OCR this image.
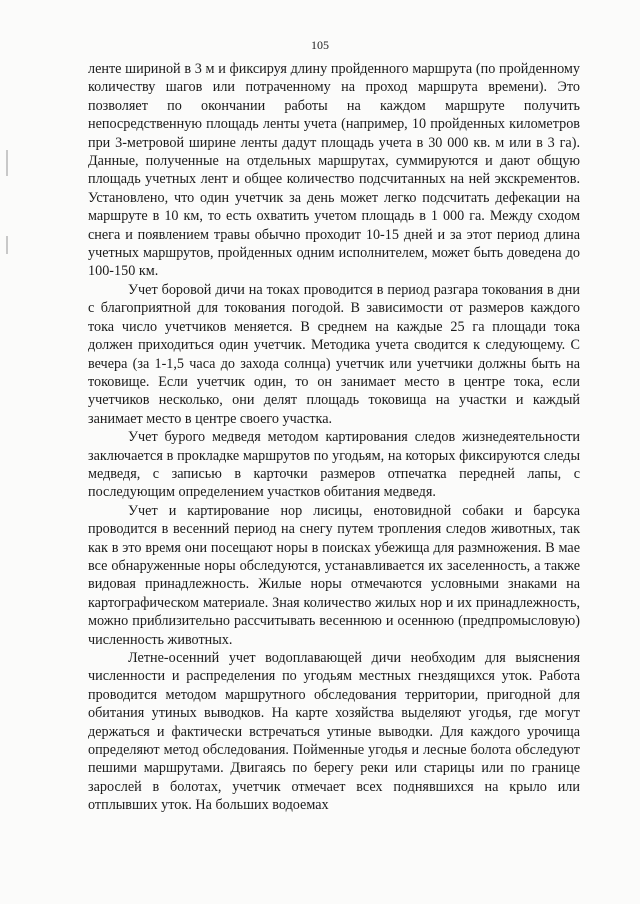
105

ленте шириной в 3 м и фиксируя длину пройденного маршрута (по пройденному количеству шагов или потраченному на проход маршрута времени). Это позволяет по окончании работы на каждом маршруте получить непосредственную площадь ленты учета (например, 10 пройденных километров при 3-метровой ширине ленты дадут площадь учета в 30 000 кв. м или в 3 га). Данные, полученные на отдельных маршрутах, суммируются и дают общую площадь учетных лент и общее количество подсчитанных на ней экскрементов. Установлено, что один учетчик за день может легко подсчитать дефекации на маршруте в 10 км, то есть охватить учетом площадь в 1 000 га. Между сходом снега и появлением травы обычно проходит 10-15 дней и за этот период длина учетных маршрутов, пройденных одним исполнителем, может быть доведена до 100-150 км.

Учет боровой дичи на токах проводится в период разгара токования в дни с благоприятной для токования погодой. В зависимости от размеров каждого тока число учетчиков меняется. В среднем на каждые 25 га площади тока должен приходиться один учетчик. Методика учета сводится к следующему. С вечера (за 1-1,5 часа до захода солнца) учетчик или учетчики должны быть на токовище. Если учетчик один, то он занимает место в центре тока, если учетчиков несколько, они делят площадь токовища на участки и каждый занимает место в центре своего участка.

Учет бурого медведя методом картирования следов жизнедеятельности заключается в прокладке маршрутов по угодьям, на которых фиксируются следы медведя, с записью в карточки размеров отпечатка передней лапы, с последующим определением участков обитания медведя.

Учет и картирование нор лисицы, енотовидной собаки и барсука проводится в весенний период на снегу путем тропления следов животных, так как в это время они посещают норы в поисках убежища для размножения. В мае все обнаруженные норы обследуются, устанавливается их заселенность, а также видовая принадлежность. Жилые норы отмечаются условными знаками на картографическом материале. Зная количество жилых нор и их принадлежность, можно приблизительно рассчитывать весеннюю и осеннюю (предпромысловую) численность животных.

Летне-осенний учет водоплавающей дичи необходим для выяснения численности и распределения по угодьям местных гнездящихся уток. Работа проводится методом маршрутного обследования территории, пригодной для обитания утиных выводков. На карте хозяйства выделяют угодья, где могут держаться и фактически встречаться утиные выводки. Для каждого урочища определяют метод обследования. Пойменные угодья и лесные болота обследуют пешими маршрутами. Двигаясь по берегу реки или старицы или по границе зарослей в болотах, учетчик отмечает всех поднявшихся на крыло или отплывших уток. На больших водоемах
